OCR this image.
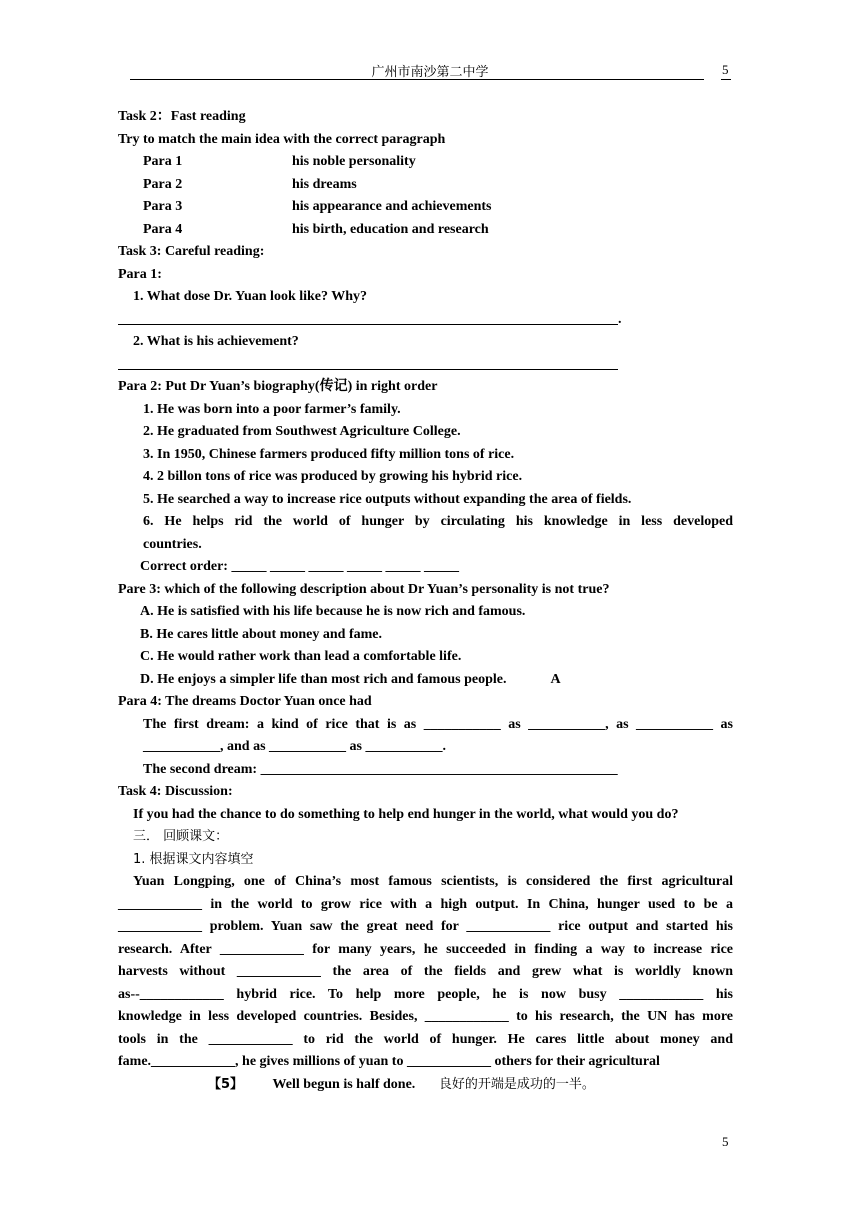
广州市南沙第二中学	5
Task 2：Fast reading
Try to match the main idea with the correct paragraph
Para 1	his noble personality
Para 2	his dreams
Para 3	his appearance and achievements
Para 4	his birth, education and research
Task 3: Careful reading:
Para 1:
1. What dose Dr. Yuan look like? Why?
.
2. What is his achievement?
Para 2: Put Dr Yuan’s biography(传记) in right order
1. He was born into a poor farmer’s family.
2. He graduated from Southwest Agriculture College.
3. In 1950, Chinese farmers produced fifty million tons of rice.
4. 2 billon tons of rice was produced by growing his hybrid rice.
5. He searched a way to increase rice outputs without expanding the area of fields.
6. He helps rid the world of hunger by circulating his knowledge in less developed
countries.
Correct order: _____ _____ _____ _____ _____ _____
Pare 3: which of the following description about Dr Yuan’s personality is not true?
A. He is satisfied with his life because he is now rich and famous.
B. He cares little about money and fame.
C. He would rather work than lead a comfortable life.
D. He enjoys a simpler life than most rich and famous people.	A
Para 4: The dreams Doctor Yuan once had
The first dream: a kind of rice that is as ___________ as ___________, as ___________ as
___________, and as ___________ as ___________.
The second dream: ___________________________________________________
Task 4: Discussion:
If you had the chance to do something to help end hunger in the world, what would you do?
三． 回顾课文：
1. 根据课文内容填空
Yuan Longping, one of China’s most famous scientists, is considered the first agricultural
____________ in the world to grow rice with a high output. In China, hunger used to be a
____________ problem. Yuan saw the great need for ____________ rice output and started his
research. After ____________ for many years, he succeeded in finding a way to increase rice
harvests without ____________ the area of the fields and grew what is worldly known
as--____________ hybrid rice. To help more people, he is now busy ____________ his
knowledge in less developed countries. Besides, ____________ to his research, the UN has more
tools in the ____________ to rid the world of hunger. He cares little about money and
fame.____________, he gives millions of yuan to ____________ others for their agricultural
【5】 Well begun is half done. 良好的开端是成功的一半。
5
